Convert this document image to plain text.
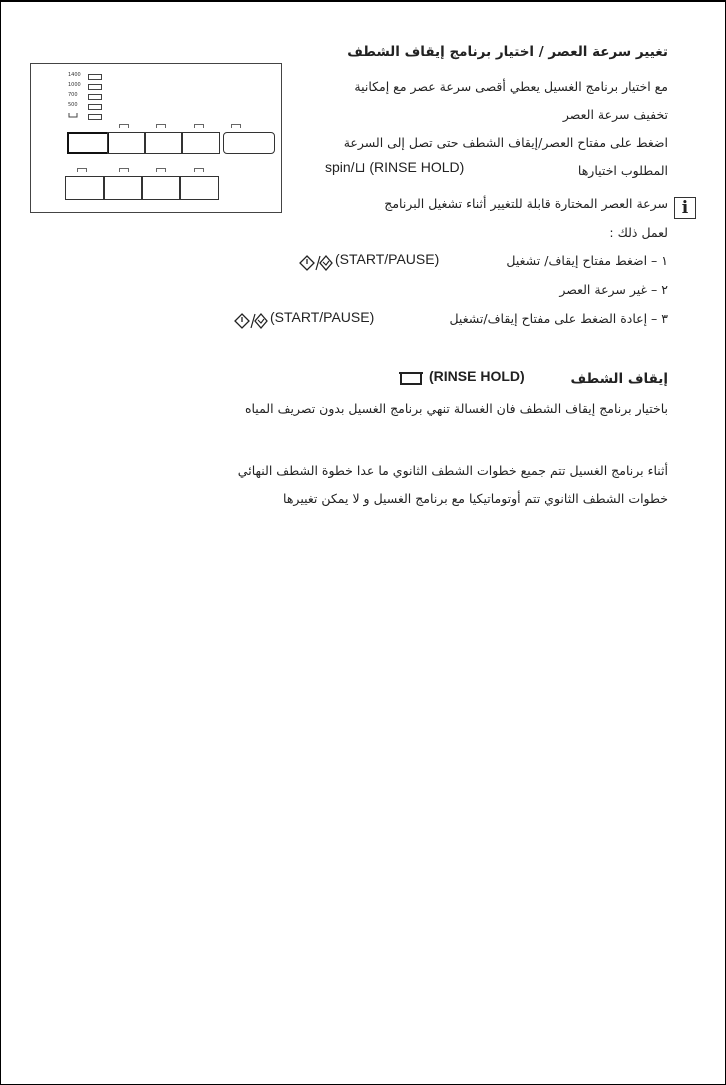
1400
1000
700
500
تغيير سرعة العصر / اختيار برنامج إيقاف الشطف
مع اختيار برنامج الغسيل يعطي أقصى سرعة عصر مع إمكانية
تخفيف سرعة العصر
اضغط على مفتاح العصر/إيقاف الشطف حتى تصل إلى السرعة
المطلوب اختيارها
spin/⊔ (RINSE HOLD)
i
سرعة العصر المختارة قابلة للتغيير أثناء تشغيل البرنامج
لعمل ذلك :
١ – اضغط مفتاح إيقاف/ تشغيل
(START/PAUSE)
٢ – غير سرعة العصر
٣ – إعادة الضغط على مفتاح إيقاف/تشغيل
(START/PAUSE)
إيقاف الشطف
(RINSE HOLD)
باختيار برنامج إيقاف الشطف فان الغسالة تنهي برنامج الغسيل بدون تصريف المياه
أثناء برنامج الغسيل تتم جميع خطوات الشطف الثانوي ما عدا خطوة الشطف النهائي
خطوات الشطف الثانوي تتم أوتوماتيكيا مع برنامج الغسيل و لا يمكن تغييرها
